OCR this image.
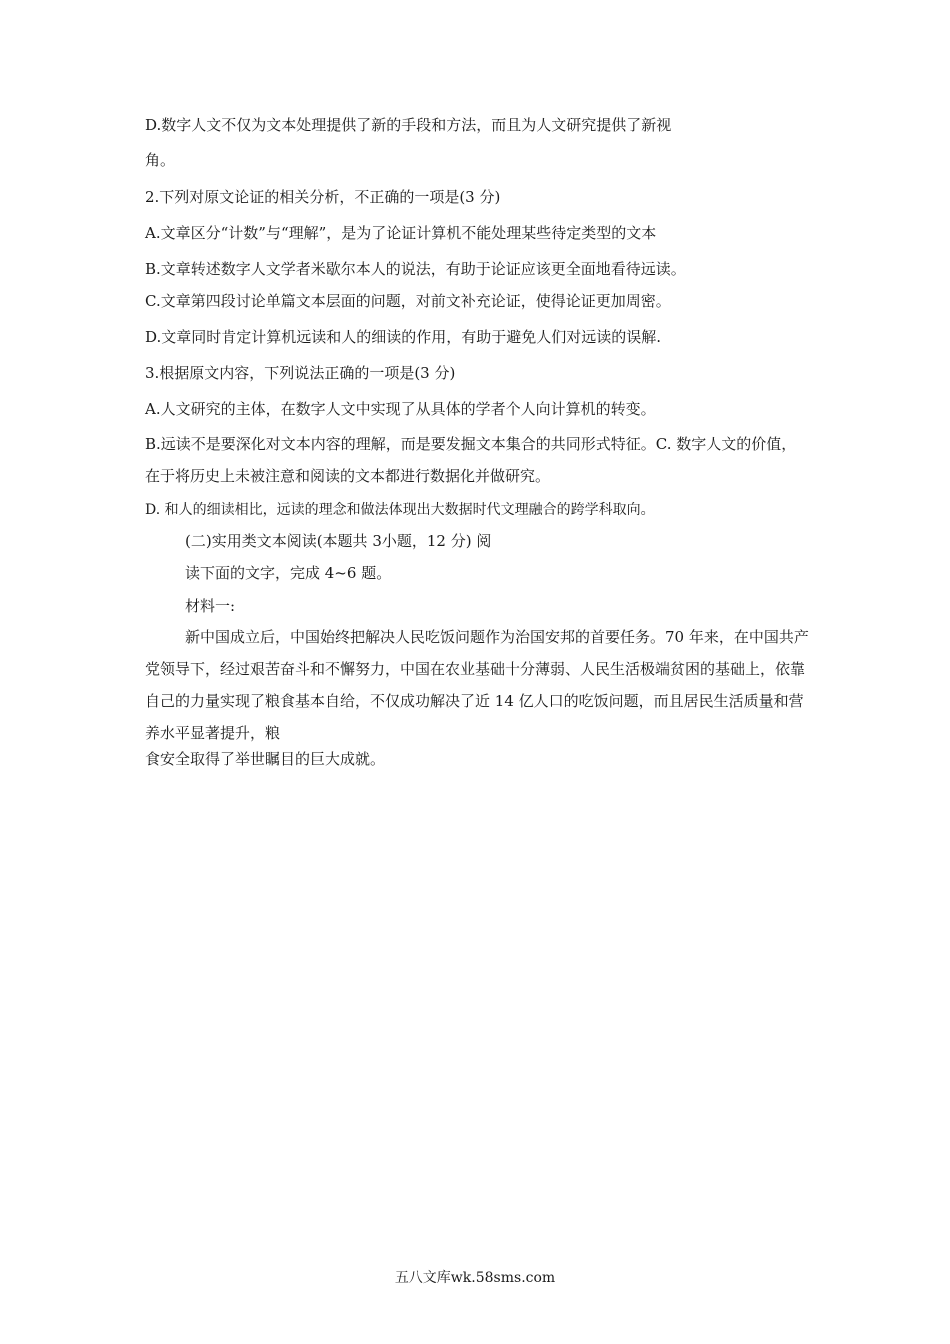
D.数字人文不仅为文本处理提供了新的手段和方法，而且为人文研究提供了新视
角。
2.下列对原文论证的相关分析，不正确的一项是(3 分)
A.文章区分“计数”与“理解”，是为了论证计算机不能处理某些待定类型的文本
B.文章转述数字人文学者米歇尔本人的说法，有助于论证应该更全面地看待远读。
C.文章第四段讨论单篇文本层面的问题，对前文补充论证，使得论证更加周密。
D.文章同时肯定计算机远读和人的细读的作用，有助于避免人们对远读的误解.
3.根据原文内容，下列说法正确的一项是(3 分)
A.人文研究的主体，在数字人文中实现了从具体的学者个人向计算机的转变。
B.远读不是要深化对文本内容的理解，而是要发掘文本集合的共同形式特征。C. 数字人文的价值，在于将历史上未被注意和阅读的文本都进行数据化并做研究。
D. 和人的细读相比，远读的理念和做法体现出大数据时代文理融合的跨学科取向。
(二)实用类文本阅读(本题共 3小题，12 分) 阅
读下面的文字，完成 4~6 题。
材料一:
新中国成立后，中国始终把解决人民吃饭问题作为治国安邦的首要任务。70 年来，在中国共产党领导下，经过艰苦奋斗和不懈努力，中国在农业基础十分薄弱、人民生活极端贫困的基础上，依靠自己的力量实现了粮食基本自给，不仅成功解决了近 14 亿人口的吃饭问题，而且居民生活质量和营养水平显著提升，粮
食安全取得了举世瞩目的巨大成就。
五八文库wk.58sms.com
